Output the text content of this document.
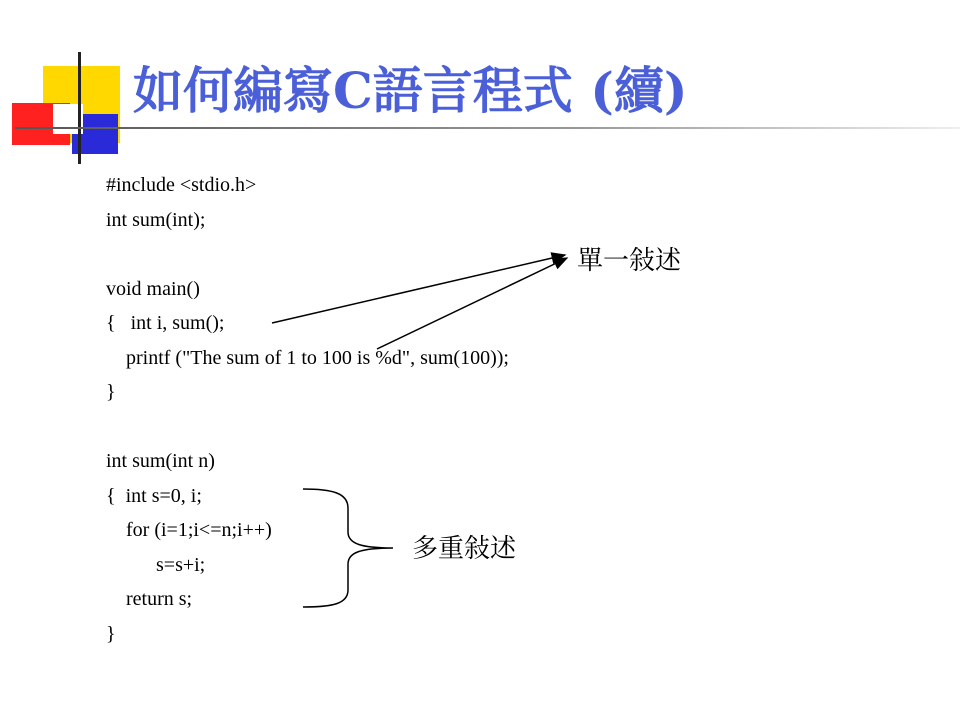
如何編寫C語言程式 (續)
#include <stdio.h>
int sum(int);
void main()
{   int i, sum();
printf ("The sum of 1 to 100 is %d", sum(100));
}
int sum(int n)
{  int s=0, i;
for (i=1;i<=n;i++)
s=s+i;
return s;
}
單一敍述
多重敍述
